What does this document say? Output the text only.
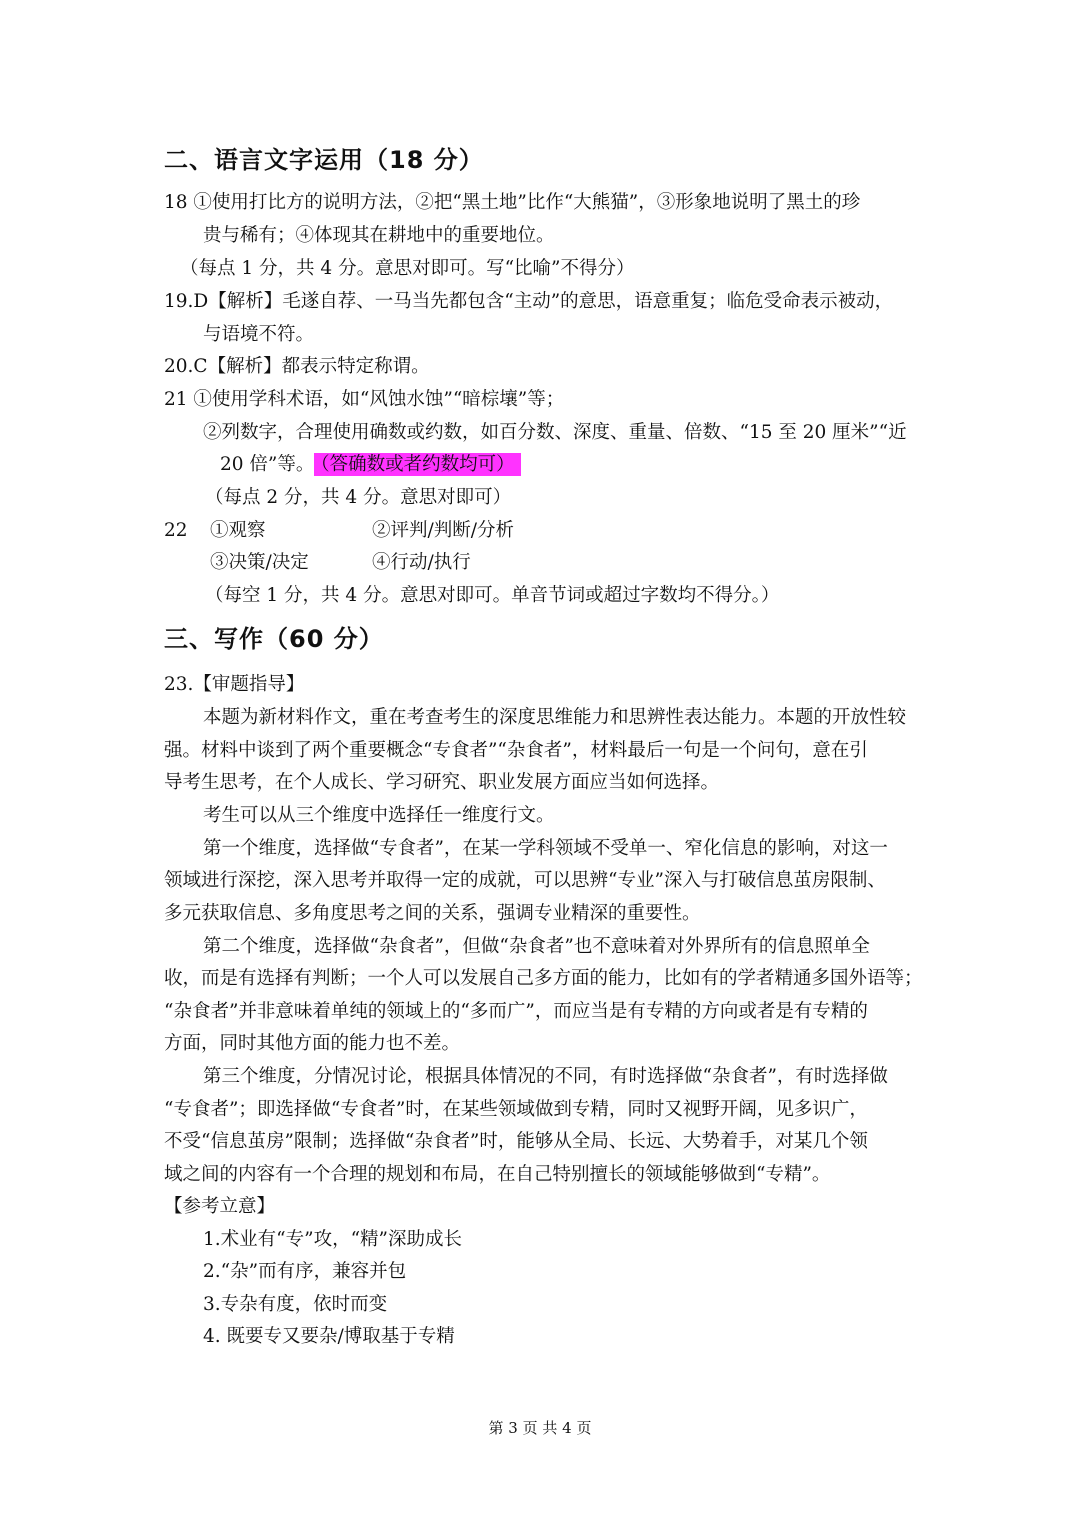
二、语言文字运用（18 分）
18 ①使用打比方的说明方法，②把“黑土地”比作“大熊猫”，③形象地说明了黑土的珍
贵与稀有；④体现其在耕地中的重要地位。
（每点 1 分，共 4 分。意思对即可。写“比喻”不得分）
19.D【解析】毛遂自荐、一马当先都包含“主动”的意思，语意重复；临危受命表示被动，
与语境不符。
20.C【解析】都表示特定称谓。
21 ①使用学科术语，如“风蚀水蚀”“暗棕壤”等；
②列数字，合理使用确数或约数，如百分数、深度、重量、倍数、“15 至 20 厘米”“近
20 倍”等。 （答确数或者约数均可）
（每点 2 分，共 4 分。意思对即可）
22 ①观察	②评判/判断/分析
③决策/决定	④行动/执行
（每空 1 分，共 4 分。意思对即可。单音节词或超过字数均不得分。）
三、写作（60 分）
23.【审题指导】
本题为新材料作文，重在考查考生的深度思维能力和思辨性表达能力。本题的开放性较
强。材料中谈到了两个重要概念“专食者”“杂食者”，材料最后一句是一个问句，意在引
导考生思考，在个人成长、学习研究、职业发展方面应当如何选择。
考生可以从三个维度中选择任一维度行文。
第一个维度，选择做“专食者”，在某一学科领域不受单一、窄化信息的影响，对这一
领域进行深挖，深入思考并取得一定的成就，可以思辨“专业”深入与打破信息茧房限制、
多元获取信息、多角度思考之间的关系，强调专业精深的重要性。
第二个维度，选择做“杂食者”，但做“杂食者”也不意味着对外界所有的信息照单全
收，而是有选择有判断；一个人可以发展自己多方面的能力，比如有的学者精通多国外语等；
“杂食者”并非意味着单纯的领域上的“多而广”，而应当是有专精的方向或者是有专精的
方面，同时其他方面的能力也不差。
第三个维度，分情况讨论，根据具体情况的不同，有时选择做“杂食者”，有时选择做
“专食者”；即选择做“专食者”时，在某些领域做到专精，同时又视野开阔，见多识广，
不受“信息茧房”限制；选择做“杂食者”时，能够从全局、长远、大势着手，对某几个领
域之间的内容有一个合理的规划和布局，在自己特别擅长的领域能够做到“专精”。
【参考立意】
1.术业有“专”攻，“精”深助成长
2.“杂”而有序，兼容并包
3.专杂有度，依时而变
4. 既要专又要杂/博取基于专精
第 3 页 共 4 页
